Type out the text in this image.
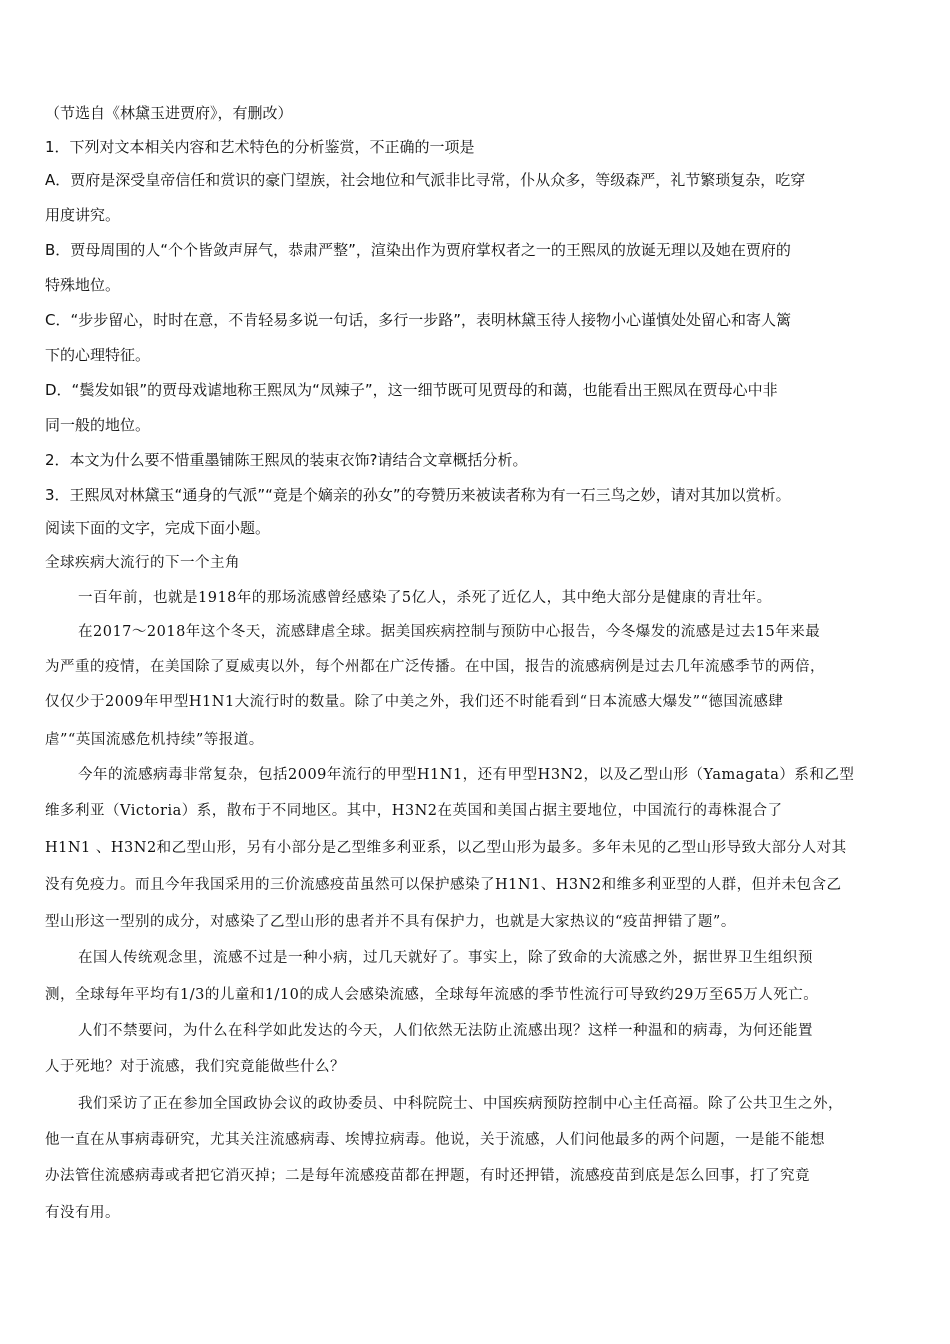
（节选自《林黛玉进贾府》，有删改）
1．下列对文本相关内容和艺术特色的分析鉴赏，不正确的一项是
A．贾府是深受皇帝信任和赏识的豪门望族，社会地位和气派非比寻常，仆从众多，等级森严，礼节繁琐复杂，吃穿
用度讲究。
B．贾母周围的人“个个皆敛声屏气，恭肃严整”，渲染出作为贾府掌权者之一的王熙凤的放诞无理以及她在贾府的
特殊地位。
C．“步步留心，时时在意，不肯轻易多说一句话，多行一步路”，表明林黛玉待人接物小心谨慎处处留心和寄人篱
下的心理特征。
D．“鬓发如银”的贾母戏谑地称王熙凤为“凤辣子”，这一细节既可见贾母的和蔼，也能看出王熙凤在贾母心中非
同一般的地位。
2．本文为什么要不惜重墨铺陈王熙凤的装束衣饰?请结合文章概括分析。
3．王熙凤对林黛玉“通身的气派”“竟是个嫡亲的孙女”的夸赞历来被读者称为有一石三鸟之妙，请对其加以赏析。
阅读下面的文字，完成下面小题。
全球疾病大流行的下一个主角
一百年前，也就是1918年的那场流感曾经感染了5亿人，杀死了近亿人，其中绝大部分是健康的青壮年。
在2017～2018年这个冬天，流感肆虐全球。据美国疾病控制与预防中心报告，今冬爆发的流感是过去15年来最
为严重的疫情，在美国除了夏威夷以外，每个州都在广泛传播。在中国，报告的流感病例是过去几年流感季节的两倍，
仅仅少于2009年甲型H1N1大流行时的数量。除了中美之外，我们还不时能看到“日本流感大爆发”“德国流感肆
虐”“英国流感危机持续”等报道。
今年的流感病毒非常复杂，包括2009年流行的甲型H1N1，还有甲型H3N2，以及乙型山形（Yamagata）系和乙型
维多利亚（Victoria）系，散布于不同地区。其中，H3N2在英国和美国占据主要地位，中国流行的毒株混合了
H1N1 、H3N2和乙型山形，另有小部分是乙型维多利亚系，以乙型山形为最多。多年未见的乙型山形导致大部分人对其
没有免疫力。而且今年我国采用的三价流感疫苗虽然可以保护感染了H1N1、H3N2和维多利亚型的人群，但并未包含乙
型山形这一型别的成分，对感染了乙型山形的患者并不具有保护力，也就是大家热议的“疫苗押错了题”。
在国人传统观念里，流感不过是一种小病，过几天就好了。事实上，除了致命的大流感之外，据世界卫生组织预
测，全球每年平均有1/3的儿童和1/10的成人会感染流感，全球每年流感的季节性流行可导致约29万至65万人死亡。
人们不禁要问，为什么在科学如此发达的今天，人们依然无法防止流感出现？这样一种温和的病毒，为何还能置
人于死地？对于流感，我们究竟能做些什么？
我们采访了正在参加全国政协会议的政协委员、中科院院士、中国疾病预防控制中心主任高福。除了公共卫生之外，
他一直在从事病毒研究，尤其关注流感病毒、埃博拉病毒。他说，关于流感，人们问他最多的两个问题，一是能不能想
办法管住流感病毒或者把它消灭掉；二是每年流感疫苗都在押题，有时还押错，流感疫苗到底是怎么回事，打了究竟
有没有用。
